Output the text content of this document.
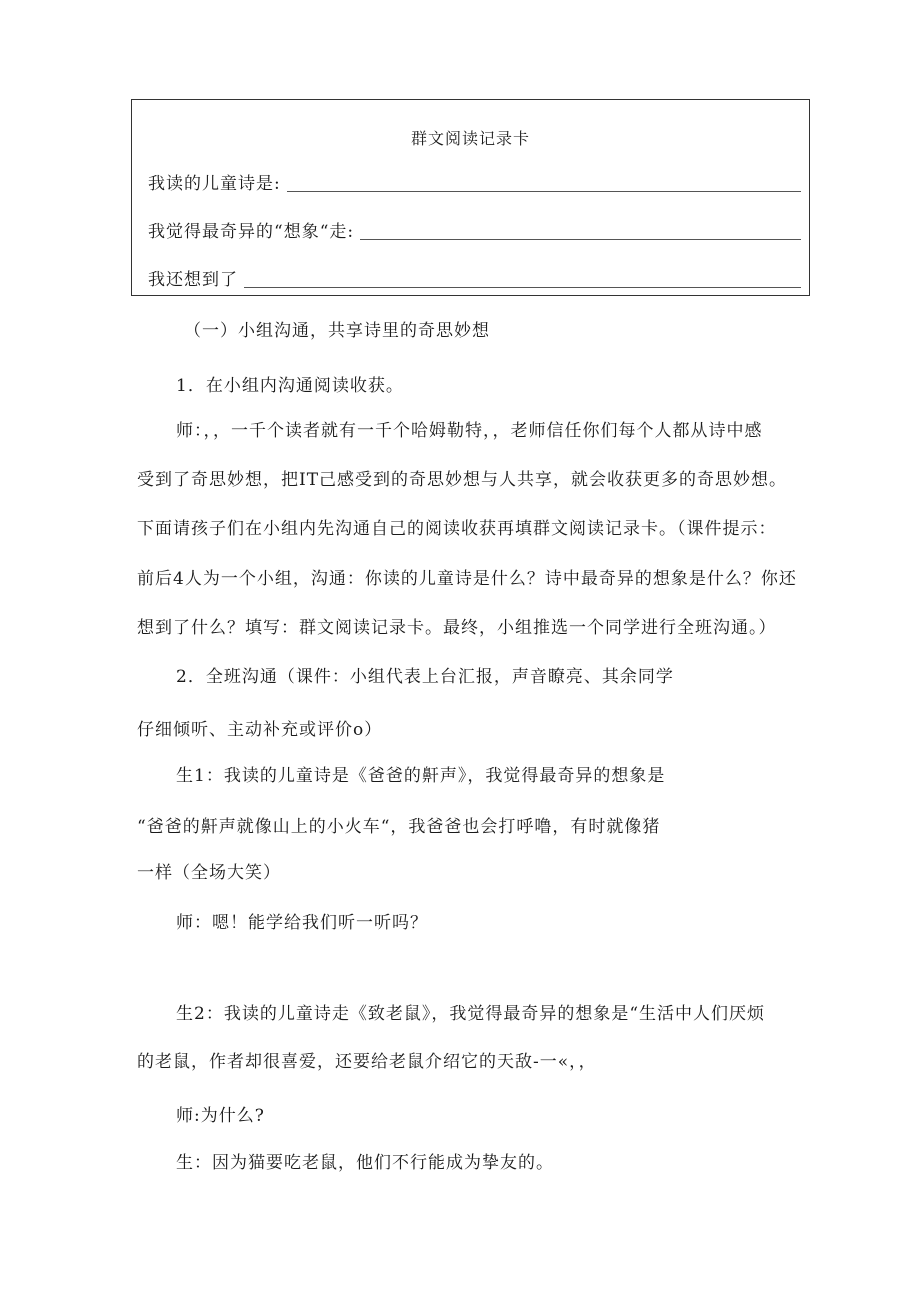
群文阅读记录卡
我读的儿童诗是:
我觉得最奇异的“想象“走:
我还想到了
（一）小组沟通，共享诗里的奇思妙想
1．在小组内沟通阅读收获。
师：，，一千个读者就有一千个哈姆勒特，，老师信任你们每个人都从诗中感
受到了奇思妙想，把IT己感受到的奇思妙想与人共享，就会收获更多的奇思妙想。
下面请孩子们在小组内先沟通自己的阅读收获再填群文阅读记录卡。（课件提示：
前后4人为一个小组，沟通：你读的儿童诗是什么？诗中最奇异的想象是什么？你还
想到了什么？填写：群文阅读记录卡。最终，小组推选一个同学进行全班沟通。）
2．全班沟通（课件：小组代表上台汇报，声音瞭亮、其余同学
仔细倾听、主动补充或评价o）
生1：我读的儿童诗是《爸爸的鼾声》，我觉得最奇异的想象是
“爸爸的鼾声就像山上的小火车“，我爸爸也会打呼噜，有时就像猪
一样（全场大笑）
师：嗯！能学给我们听一听吗？
生2：我读的儿童诗走《致老鼠》，我觉得最奇异的想象是“生活中人们厌烦
的老鼠，作者却很喜爱，还要给老鼠介绍它的天敌-一«，，
师:为什么?
生：因为猫要吃老鼠，他们不行能成为挚友的。
